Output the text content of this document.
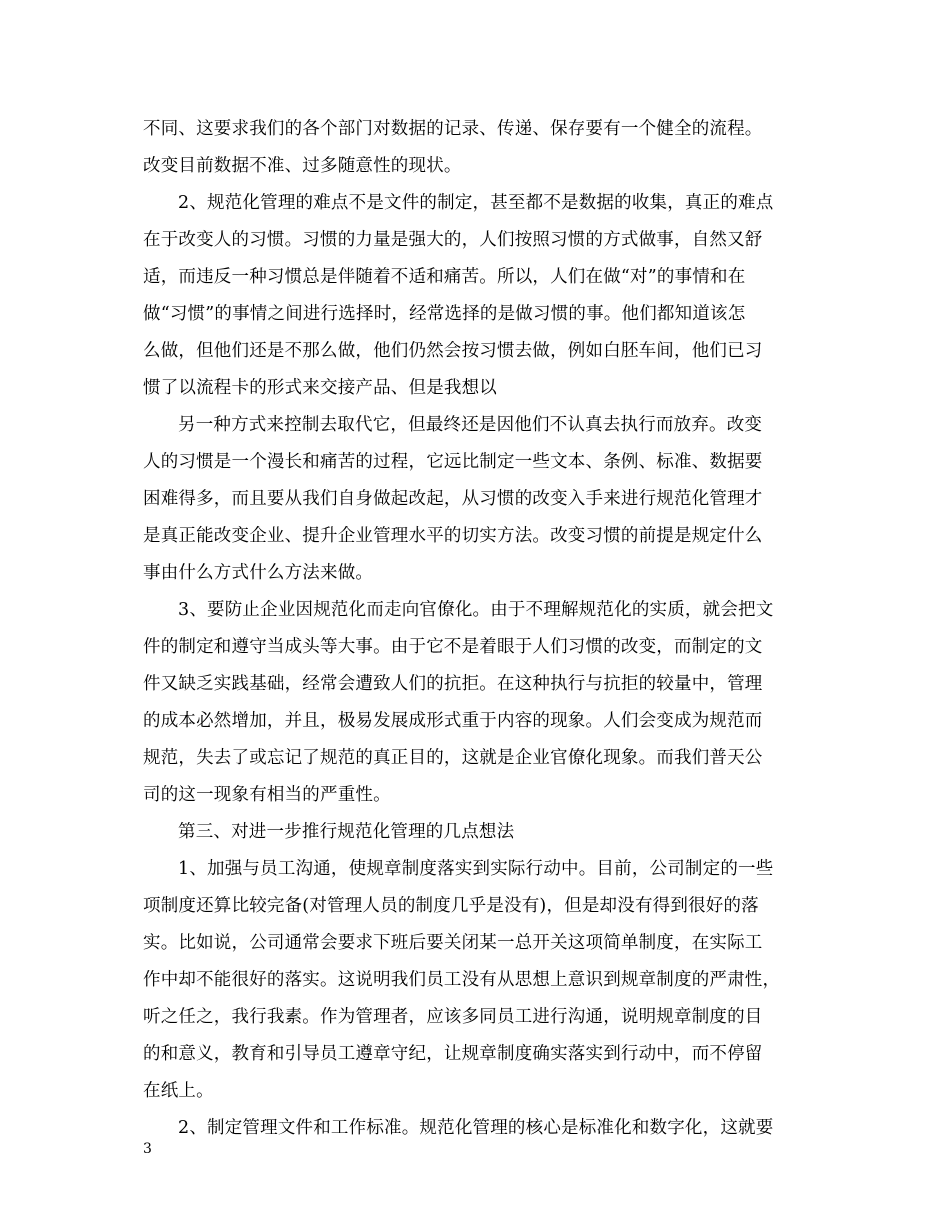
不同、这要求我们的各个部门对数据的记录、传递、保存要有一个健全的流程。
改变目前数据不准、过多随意性的现状。
2、规范化管理的难点不是文件的制定，甚至都不是数据的收集，真正的难点
在于改变人的习惯。习惯的力量是强大的，人们按照习惯的方式做事，自然又舒
适，而违反一种习惯总是伴随着不适和痛苦。所以，人们在做“对”的事情和在
做“习惯”的事情之间进行选择时，经常选择的是做习惯的事。他们都知道该怎
么做，但他们还是不那么做，他们仍然会按习惯去做，例如白胚车间，他们已习
惯了以流程卡的形式来交接产品、但是我想以
另一种方式来控制去取代它，但最终还是因他们不认真去执行而放弃。改变
人的习惯是一个漫长和痛苦的过程，它远比制定一些文本、条例、标准、数据要
困难得多，而且要从我们自身做起改起，从习惯的改变入手来进行规范化管理才
是真正能改变企业、提升企业管理水平的切实方法。改变习惯的前提是规定什么
事由什么方式什么方法来做。
3、要防止企业因规范化而走向官僚化。由于不理解规范化的实质，就会把文
件的制定和遵守当成头等大事。由于它不是着眼于人们习惯的改变，而制定的文
件又缺乏实践基础，经常会遭致人们的抗拒。在这种执行与抗拒的较量中，管理
的成本必然增加，并且，极易发展成形式重于内容的现象。人们会变成为规范而
规范，失去了或忘记了规范的真正目的，这就是企业官僚化现象。而我们普天公
司的这一现象有相当的严重性。
第三、对进一步推行规范化管理的几点想法
1、加强与员工沟通，使规章制度落实到实际行动中。目前，公司制定的一些
项制度还算比较完备(对管理人员的制度几乎是没有)，但是却没有得到很好的落
实。比如说，公司通常会要求下班后要关闭某一总开关这项简单制度，在实际工
作中却不能很好的落实。这说明我们员工没有从思想上意识到规章制度的严肃性，
听之任之，我行我素。作为管理者，应该多同员工进行沟通，说明规章制度的目
的和意义，教育和引导员工遵章守纪，让规章制度确实落实到行动中，而不停留
在纸上。
2、制定管理文件和工作标准。规范化管理的核心是标准化和数字化，这就要
3
